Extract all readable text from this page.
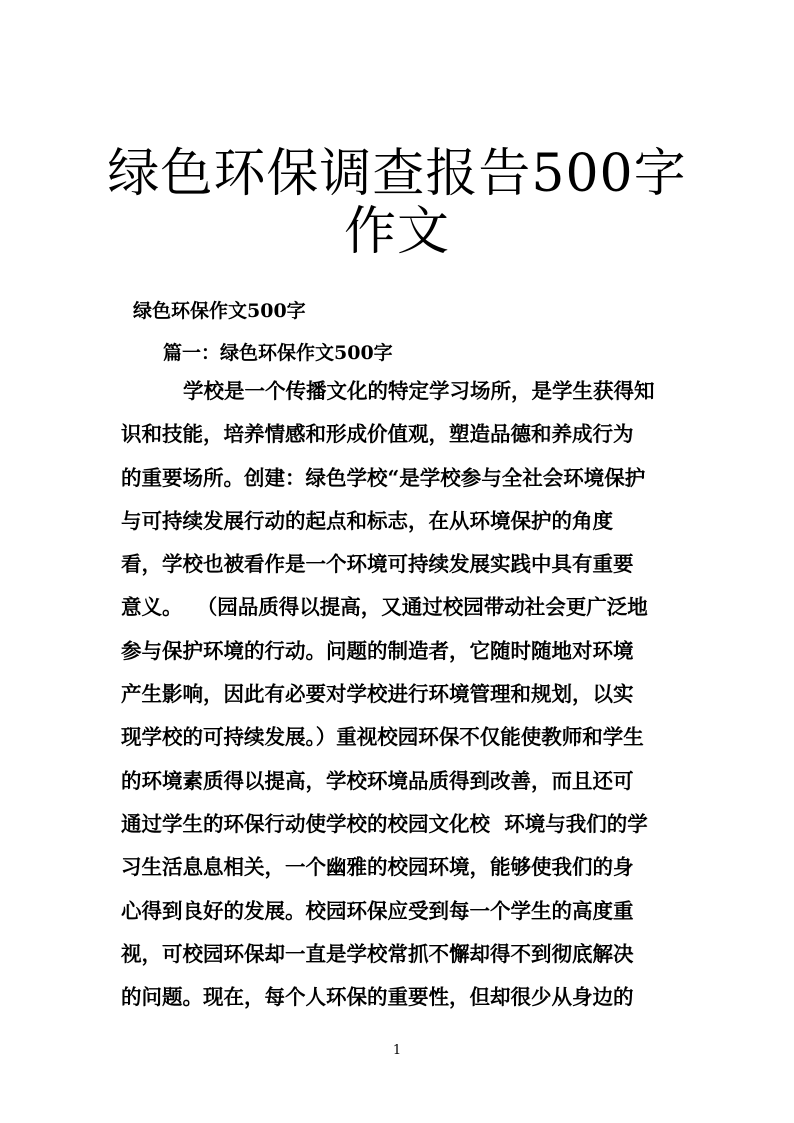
绿色环保调查报告500字
作文
绿色环保作文500字
篇一：绿色环保作文500字
学校是一个传播文化的特定学习场所，是学生获得知
识和技能，培养情感和形成价值观，塑造品德和养成行为
的重要场所。创建：绿色学校“是学校参与全社会环境保护
与可持续发展行动的起点和标志，在从环境保护的角度
看，学校也被看作是一个环境可持续发展实践中具有重要
意义。  （园品质得以提高，又通过校园带动社会更广泛地
参与保护环境的行动。问题的制造者，它随时随地对环境
产生影响，因此有必要对学校进行环境管理和规划，以实
现学校的可持续发展。）重视校园环保不仅能使教师和学生
的环境素质得以提高，学校环境品质得到改善，而且还可
通过学生的环保行动使学校的校园文化校  环境与我们的学
习生活息息相关，一个幽雅的校园环境，能够使我们的身
心得到良好的发展。校园环保应受到每一个学生的高度重
视，可校园环保却一直是学校常抓不懈却得不到彻底解决
的问题。现在，每个人环保的重要性，但却很少从身边的
1
